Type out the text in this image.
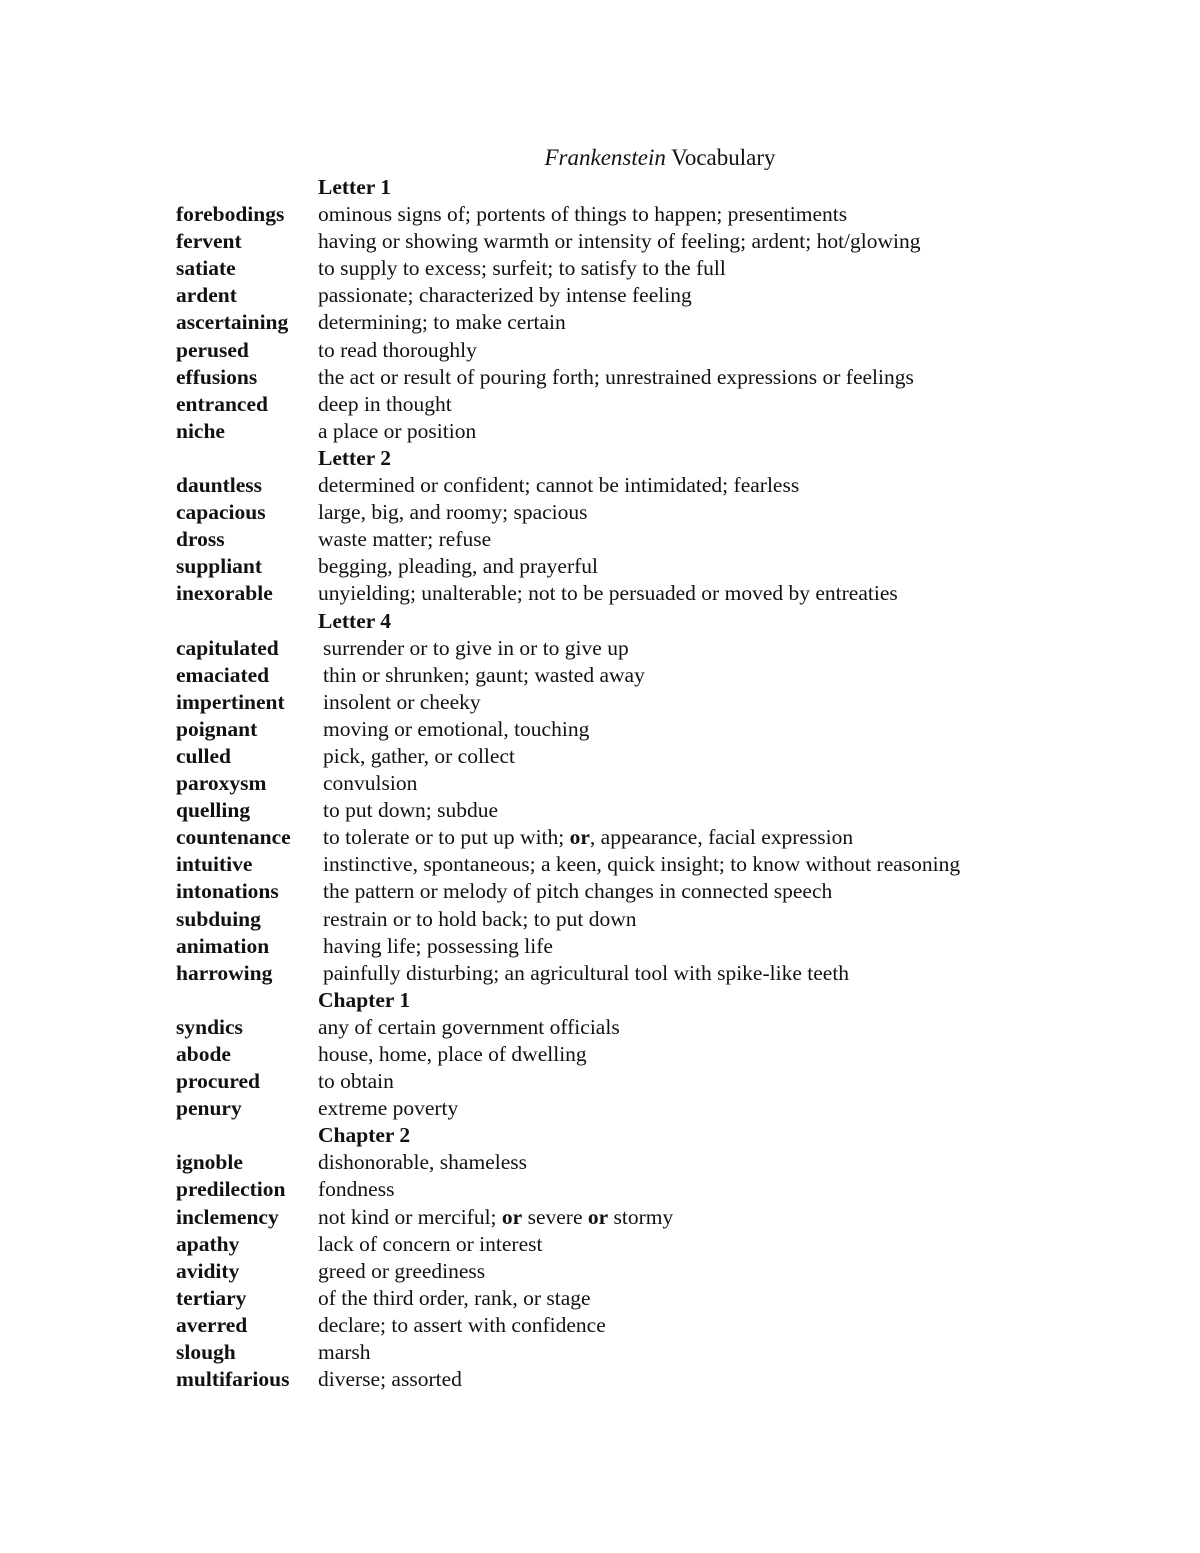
Frankenstein Vocabulary
Letter 1
forebodings ominous signs of; portents of things to happen; presentiments
fervent	having or showing warmth or intensity of feeling; ardent; hot/glowing
satiate	to supply to excess; surfeit; to satisfy to the full
ardent	passionate; characterized by intense feeling
ascertaining determining; to make certain
perused	to read thoroughly
effusions	the act or result of pouring forth; unrestrained expressions or feelings
entranced deep in thought
niche	a place or position
Letter 2
dauntless	determined or confident; cannot be intimidated; fearless
capacious large, big, and roomy; spacious
dross	waste matter; refuse
suppliant	begging, pleading, and prayerful
inexorable unyielding; unalterable; not to be persuaded or moved by entreaties
Letter 4
capitulated surrender or to give in or to give up
emaciated	thin or shrunken; gaunt; wasted away
impertinent insolent or cheeky
poignant	moving or emotional, touching
culled	pick, gather, or collect
paroxysm	convulsion
quelling	to put down; subdue
countenance to tolerate or to put up with; or, appearance, facial expression
intuitive	instinctive, spontaneous; a keen, quick insight; to know without reasoning
intonations the pattern or melody of pitch changes in connected speech
subduing	restrain or to hold back; to put down
animation	having life; possessing life
harrowing painfully disturbing; an agricultural tool with spike-like teeth
Chapter 1
syndics	any of certain government officials
abode	house, home, place of dwelling
procured	to obtain
penury	extreme poverty
Chapter 2
ignoble	dishonorable, shameless
predilection fondness
inclemency not kind or merciful; or severe or stormy
apathy	lack of concern or interest
avidity	greed or greediness
tertiary	of the third order, rank, or stage
averred	declare; to assert with confidence
slough	marsh
multifarious diverse; assorted
